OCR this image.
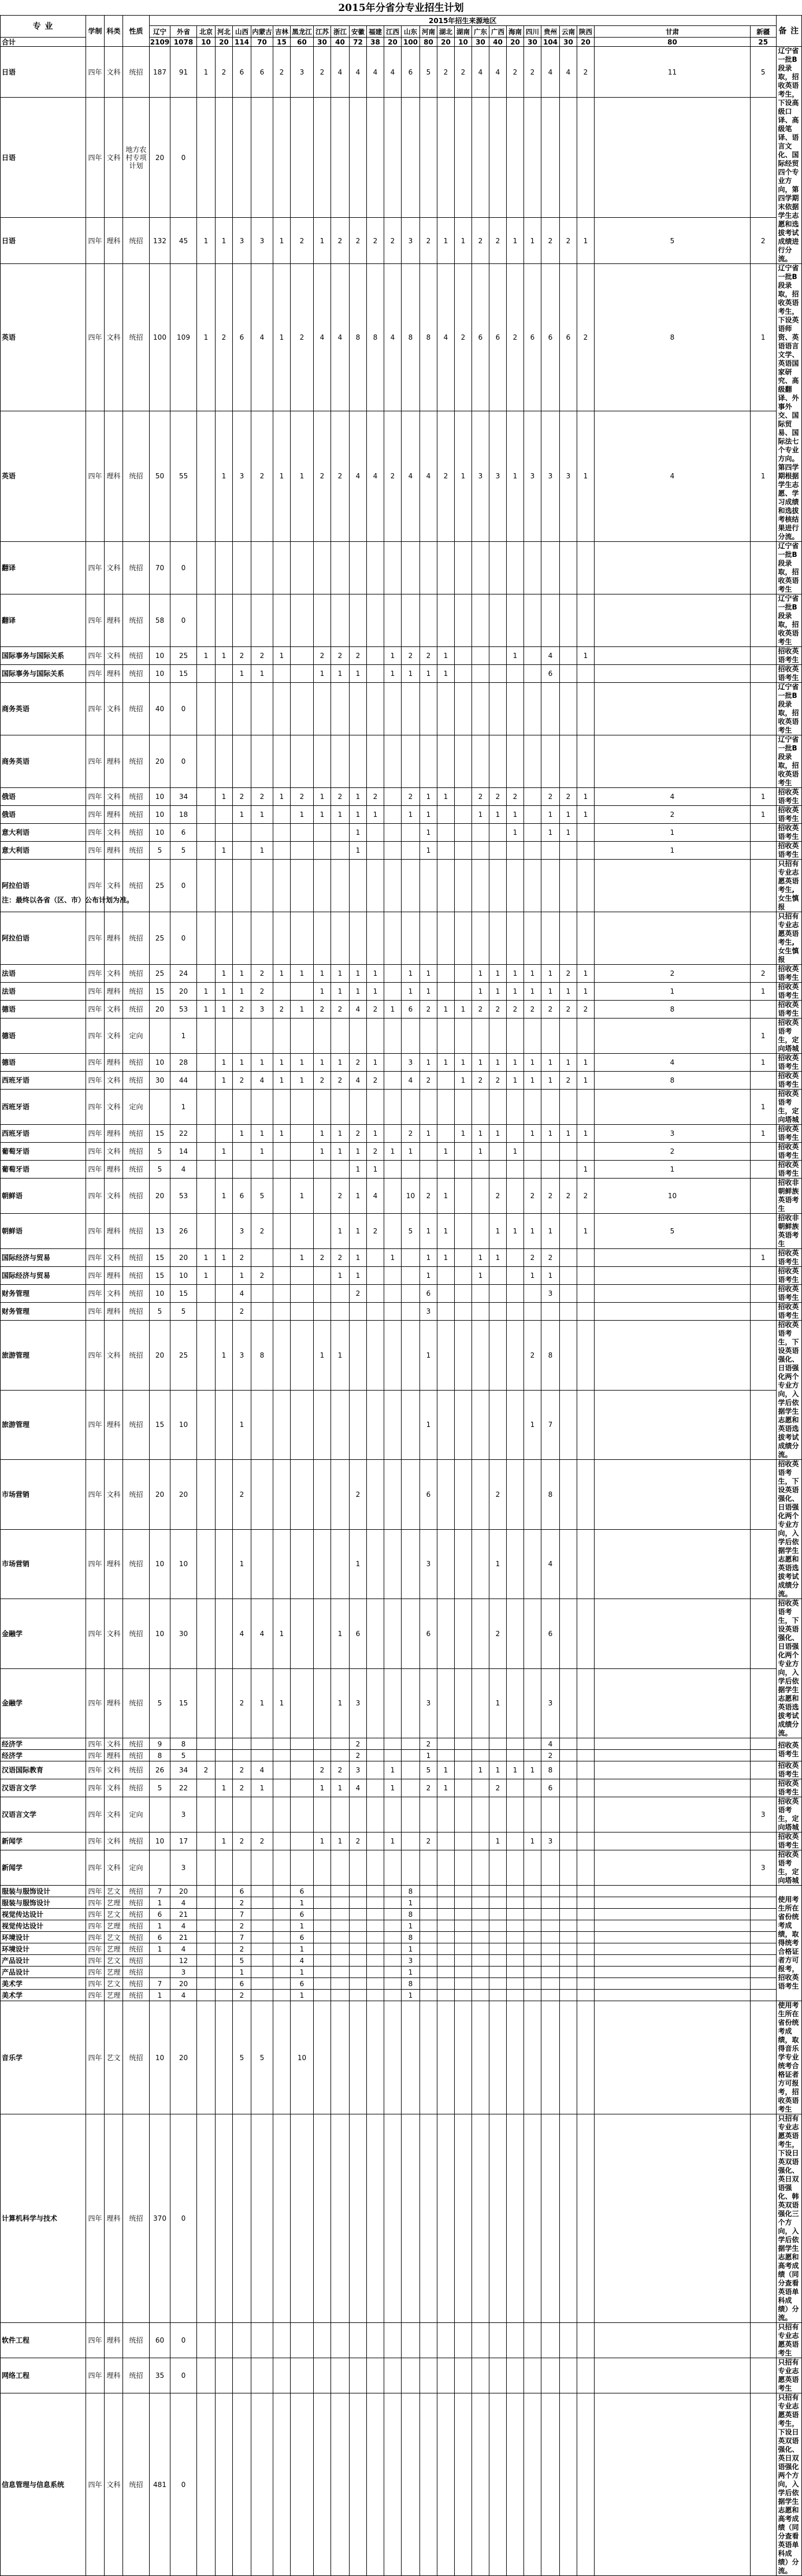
2015年分省分专业招生计划
专 业	学制	科类	性质	2015年招生来源地区																										备 注
				辽宁	外省	北京	河北	山西	内蒙古	吉林	黑龙江	江苏	浙江	安徽	福建	江西	山东	河南	湖北	湖南	广东	广西	海南	四川	贵州	云南	陕西	甘肃	新疆	
合计				2109	1078	10	20	114	70	15	60	30	40	72	38	20	100	80	20	10	30	40	20	30	104	30	20	80	25	
日语	四年	文科	统招	187	91	1	2	6	6	2	3	2	4	4	4	4	6	5	2	2	4	4	2	2	4	4	2	11	5	辽宁省一批B段录取，招收英语考生，下设高级口译、高级笔译、语言文化、国际经贸四个专业方向，第四学期末依据学生志愿和选拔考试成绩进行分流。
日语	四年	文科	地方农村专项计划	20	0																									
日语	四年	理科	统招	132	45	1	1	3	3	1	2	1	2	2	2	2	3	2	1	1	2	2	1	1	2	2	1	5	2	
英语	四年	文科	统招	100	109	1	2	6	4	1	2	4	4	8	8	4	8	8	4	2	6	6	2	6	6	6	2	8	1	辽宁省一批B段录取，招收英语考生，下设英语师资、英语语言文学、英语国家研究、高级翻译、外事外交、国际贸易、国际法七个专业方向。第四学期根据学生志愿、学习成绩和选拔考核结果进行分流。
英语	四年	理科	统招	50	55		1	3	2	1	1	2	2	4	4	2	4	4	2	1	3	3	1	3	3	3	1	4	1	
翻译	四年	文科	统招	70	0																									辽宁省一批B段录取，招收英语考生
翻译	四年	理科	统招	58	0																									辽宁省一批B段录取，招收英语考生
国际事务与国际关系	四年	文科	统招	10	25	1	1	2	2	1		2	2	2		1	2	2	1				1		4		1			招收英语考生
国际事务与国际关系	四年	理科	统招	10	15			1	1			1	1	1		1	1	1	1						6					招收英语考生
商务英语	四年	文科	统招	40	0																									辽宁省一批B段录取，招收英语考生
商务英语	四年	理科	统招	20	0																									辽宁省一批B段录取，招收英语考生
俄语	四年	文科	统招	10	34		1	2	2	1	2	1	2	1	2		2	1	1		2	2	2		2	2	1	4	1	招收英语考生
俄语	四年	理科	统招	10	18			1	1		1	1	1	1	1		1	1			1	1	1		1	1	1	2	1	招收英语考生
意大利语	四年	文科	统招	10	6									1				1					1		1	1		1		招收英语考生
意大利语	四年	理科	统招	5	5		1		1					1				1										1		招收英语考生
阿拉伯语	四年	文科	统招	25	0																									只招有专业志愿英语考生,女生慎报
阿拉伯语	四年	理科	统招	25	0																									只招有专业志愿英语考生,女生慎报
法语	四年	文科	统招	25	24		1	1	2	1	1	1	1	1	1		1	1			1	1	1	1	1	2	1	2	2	招收英语考生
法语	四年	理科	统招	15	20	1	1	1	2			1	1	1	1		1	1			1	1	1	1	1	1	1	1	1	招收英语考生
德语	四年	文科	统招	20	53	1	1	2	3	2	1	2	2	4	2	1	6	2	1	1	2	2	2	2	2	2	2	8		招收英语考生
德语	四年	文科	定向		1																								1	招收英语考生，定向塔城
德语	四年	理科	统招	10	28		1	1	1	1	1	1	1	2	1		3	1	1	1	1	1	1	1	1	1	1	4	1	招收英语考生
西班牙语	四年	文科	统招	30	44		1	2	4	1	1	2	2	4	2		4	2		1	2	2	1	1	1	2	1	8		招收英语考生
西班牙语	四年	文科	定向		1																								1	招收英语考生，定向塔城
西班牙语	四年	理科	统招	15	22			1	1	1		1	1	2	1		2	1		1	1	1		1	1	1	1	3	1	招收英语考生
葡萄牙语	四年	文科	统招	5	14		1		1			1	1	1	2	1	1		1		1		1					2		招收英语考生
葡萄牙语	四年	理科	统招	5	4									1	1												1	1		招收英语考生
朝鲜语	四年	文科	统招	20	53		1	6	5		1		2	1	4		10	2	1			2		2	2	2	2	10		招收非朝鲜族英语考生
朝鲜语	四年	理科	统招	13	26			3	2				1	1	2		5	1	1			1	1	1	1		1	5		招收非朝鲜族英语考生
国际经济与贸易	四年	文科	统招	15	20	1	1	2			1	2	2	1		1		1	1		1	1		2	2				1	招收英语考生
国际经济与贸易	四年	理科	统招	15	10	1		1	2				1	1				1			1			1	1					招收英语考生
财务管理	四年	文科	统招	10	15			4						2				6							3					招收英语考生
财务管理	四年	理科	统招	5	5			2										3												招收英语考生
旅游管理	四年	文科	统招	20	25		1	3	8			1	1					1						2	8					招收英语考生，下设英语强化、日语强化两个专业方向，入学后依据学生志愿和英语选拔考试成绩分流。
旅游管理	四年	理科	统招	15	10			1										1						1	7					
市场营销	四年	文科	统招	20	20			2						2				6				2			8					招收英语考生，下设英语强化、日语强化两个专业方向，入学后依据学生志愿和英语选拔考试成绩分流。
市场营销	四年	理科	统招	10	10			1						1				3				1			4					
金融学	四年	文科	统招	10	30			4	4	1			1	6				6				2			6					招收英语考生，下设英语强化、日语强化两个专业方向，入学后依据学生志愿和英语选拔考试成绩分流。
金融学	四年	理科	统招	5	15			2	1	1			1	3				3				1			3					
经济学	四年	文科	统招	9	8									2				2							4					招收英语考生
经济学	四年	理科	统招	8	5									2				1							2					
汉语国际教育	四年	文科	统招	26	34	2		2	4			2	2	3		1		5	1		1	1	1	1	8					招收英语考生
汉语言文学	四年	文科	统招	5	22		1	2	1			1	1	4		1		2	1			2			6					招收英语考生
汉语言文学	四年	文科	定向		3																								3	招收英语考生，定向塔城
新闻学	四年	文科	统招	10	17		1	2	2			1	1	2		1		2				1		1	3					招收英语考生
新闻学	四年	文科	定向		3																								3	招收英语考生，定向塔城
服装与服饰设计	四年	艺文	统招	7	20			6			6						8													使用考生所在省份统考成绩，取得统考合格证者方可报考，招收英语考生
服装与服饰设计	四年	艺理	统招	1	4			2			1						1													
视觉传达设计	四年	艺文	统招	6	21			7			6						8													
视觉传达设计	四年	艺理	统招	1	4			2			1						1													
环境设计	四年	艺文	统招	6	21			7			6						8													
环境设计	四年	艺理	统招	1	4			2			1						1													
产品设计	四年	艺文	统招		12			5			4						3													
产品设计	四年	艺理	统招		3			1			1						1													
美术学	四年	艺文	统招	7	20			6			6						8													
美术学	四年	艺理	统招	1	4			2			1						1													
音乐学	四年	艺文	统招	10	20			5	5		10																			使用考生所在省份统考成绩，取得音乐学专业统考合格证者方可报考，招收英语考生
计算机科学与技术	四年	理科	统招	370	0																									只招有专业志愿英语考生，下设日英双语强化、英日双语强化、韩英双语强化三个方向，入学后依据学生志愿和高考成绩（同分查看英语单科成绩）分流。
软件工程	四年	理科	统招	60	0																									只招有专业志愿英语考生
网络工程	四年	理科	统招	35	0																									只招有专业志愿英语考生
信息管理与信息系统	四年	文科	统招	481	0																									只招有专业志愿英语考生，下设日英双语强化、英日双语强化两个方向，入学后依据学生志愿和高考成绩（同分查看英语单科成绩）分流。
注：最终以各省（区、市）公布计划为准。
